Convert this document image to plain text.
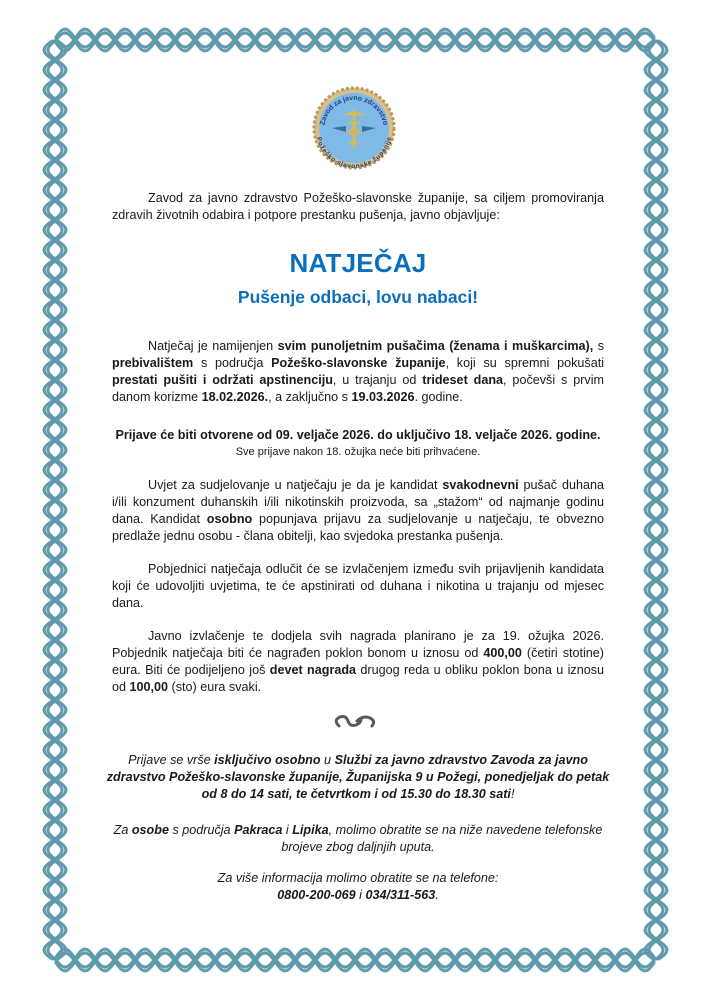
Zavod za javno zdravstvo
Požeško-slavonske županije

Zavod za javno zdravstvo Požeško-slavonske županije, sa ciljem promoviranja zdravih životnih odabira i potpore prestanku pušenja, javno objavljuje:

NATJEČAJ
Pušenje odbaci, lovu nabaci!

Natječaj je namijenjen svim punoljetnim pušačima (ženama i muškarcima), s prebivalištem s područja Požeško-slavonske županije, koji su spremni pokušati prestati pušiti i održati apstinenciju, u trajanju od trideset dana, počevši s prvim danom korizme 18.02.2026., a zaključno s 19.03.2026. godine.

Prijave će biti otvorene od 09. veljače 2026. do uključivo 18. veljače 2026. godine.
Sve prijave nakon 18. ožujka neće biti prihvaćene.

Uvjet za sudjelovanje u natječaju je da je kandidat svakodnevni pušač duhana i/ili konzument duhanskih i/ili nikotinskih proizvoda, sa „stažom“ od najmanje godinu dana. Kandidat osobno popunjava prijavu za sudjelovanje u natječaju, te obvezno predlaže jednu osobu - člana obitelji, kao svjedoka prestanka pušenja.

Pobjednici natječaja odlučit će se izvlačenjem između svih prijavljenih kandidata koji će udovoljiti uvjetima, te će apstinirati od duhana i nikotina u trajanju od mjesec dana.

Javno izvlačenje te dodjela svih nagrada planirano je za 19. ožujka 2026. Pobjednik natječaja biti će nagrađen poklon bonom u iznosu od 400,00 (četiri stotine) eura. Biti će podijeljeno još devet nagrada drugog reda u obliku poklon bona u iznosu od 100,00 (sto) eura svaki.

Prijave se vrše isključivo osobno u Službi za javno zdravstvo Zavoda za javno zdravstvo Požeško-slavonske županije, Županijska 9 u Požegi, ponedjeljak do petak od 8 do 14 sati, te četvrtkom i od 15.30 do 18.30 sati!

Za osobe s područja Pakraca i Lipika, molimo obratite se na niže navedene telefonske brojeve zbog daljnjih uputa.

Za više informacija molimo obratite se na telefone:
0800-200-069 i 034/311-563.
